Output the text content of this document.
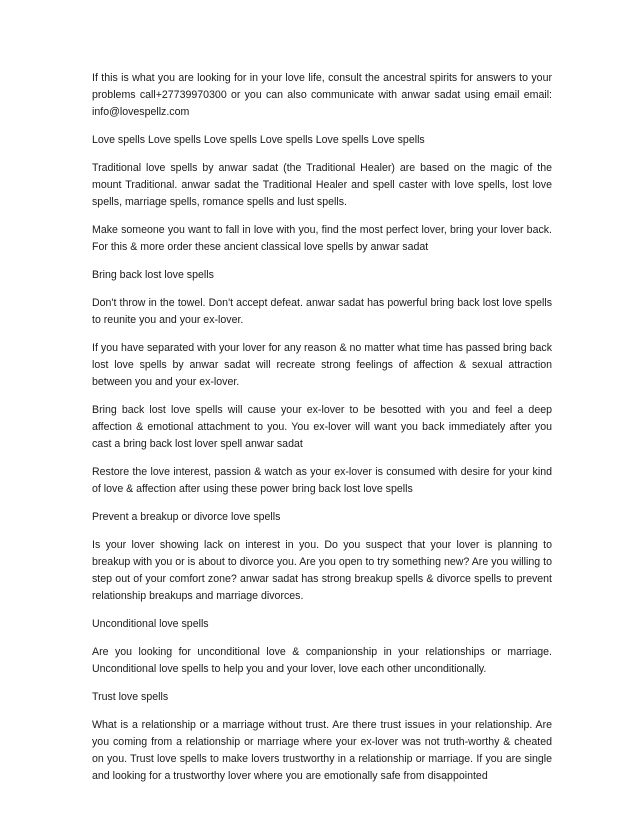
If this is what you are looking for in your love life, consult the ancestral spirits for answers to your problems call+27739970300 or you can also communicate with anwar sadat using email email: info@lovespellz.com

Love spells Love spells Love spells Love spells Love spells Love spells

Traditional love spells by anwar sadat (the Traditional Healer) are based on the magic of the mount Traditional. anwar sadat the Traditional Healer and spell caster with love spells, lost love spells, marriage spells, romance spells and lust spells.

Make someone you want to fall in love with you, find the most perfect lover, bring your lover back. For this & more order these ancient classical love spells by anwar sadat

Bring back lost love spells

Don't throw in the towel. Don't accept defeat. anwar sadat has powerful bring back lost love spells to reunite you and your ex-lover.

If you have separated with your lover for any reason & no matter what time has passed bring back lost love spells by anwar sadat will recreate strong feelings of affection & sexual attraction between you and your ex-lover.

Bring back lost love spells will cause your ex-lover to be besotted with you and feel a deep affection & emotional attachment to you. You ex-lover will want you back immediately after you cast a bring back lost lover spell anwar sadat

Restore the love interest, passion & watch as your ex-lover is consumed with desire for your kind of love & affection after using these power bring back lost love spells

Prevent a breakup or divorce love spells

Is your lover showing lack on interest in you. Do you suspect that your lover is planning to breakup with you or is about to divorce you. Are you open to try something new? Are you willing to step out of your comfort zone? anwar sadat has strong breakup spells & divorce spells to prevent relationship breakups and marriage divorces.

Unconditional love spells

Are you looking for unconditional love & companionship in your relationships or marriage. Unconditional love spells to help you and your lover, love each other unconditionally.

Trust love spells

What is a relationship or a marriage without trust. Are there trust issues in your relationship. Are you coming from a relationship or marriage where your ex-lover was not truth-worthy & cheated on you. Trust love spells to make lovers trustworthy in a relationship or marriage. If you are single and looking for a trustworthy lover where you are emotionally safe from disappointed
